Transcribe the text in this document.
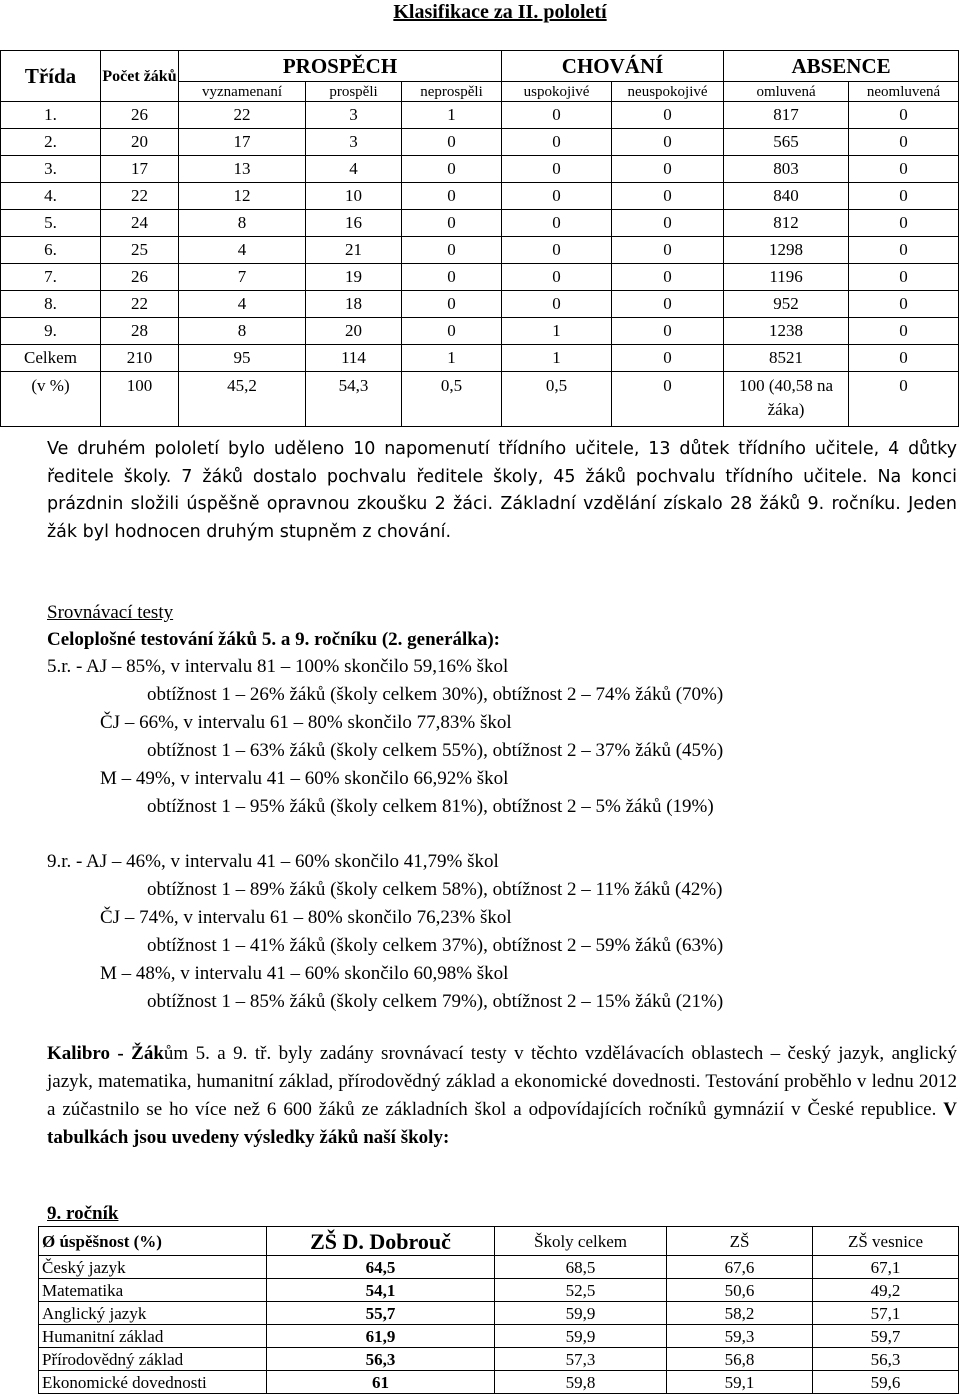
Klasifikace za II. pololetí
Třída	Počet žáků	PROSPĚCH			CHOVÁNÍ		ABSENCE	
		vyznamenaní	prospěli	neprospěli	uspokojivé	neuspokojivé	omluvená	neomluvená
1.	26	22	3	1	0	0	817	0
2.	20	17	3	0	0	0	565	0
3.	17	13	4	0	0	0	803	0
4.	22	12	10	0	0	0	840	0
5.	24	8	16	0	0	0	812	0
6.	25	4	21	0	0	0	1298	0
7.	26	7	19	0	0	0	1196	0
8.	22	4	18	0	0	0	952	0
9.	28	8	20	0	1	0	1238	0
Celkem	210	95	114	1	1	0	8521	0
(v %)	100	45,2	54,3	0,5	0,5	0	100 (40,58 na žáka)	0
Ve druhém pololetí bylo uděleno 10 napomenutí třídního učitele, 13 důtek třídního učitele, 4 důtky ředitele školy. 7 žáků dostalo pochvalu ředitele školy, 45 žáků pochvalu třídního učitele. Na konci prázdnin složili úspěšně opravnou zkoušku 2 žáci. Základní vzdělání získalo 28 žáků 9. ročníku. Jeden žák byl hodnocen druhým stupněm z chování.
Srovnávací testy
Celoplošné testování žáků 5. a 9. ročníku (2. generálka):
5.r. - AJ – 85%, v intervalu 81 – 100% skončilo 59,16% škol
obtížnost 1 – 26% žáků (školy celkem 30%), obtížnost 2 – 74% žáků (70%)
ČJ – 66%, v intervalu 61 – 80% skončilo 77,83% škol
obtížnost 1 – 63% žáků (školy celkem 55%), obtížnost 2 – 37% žáků (45%)
M – 49%, v intervalu 41 – 60% skončilo 66,92% škol
obtížnost 1 – 95% žáků (školy celkem 81%), obtížnost 2 – 5% žáků (19%)
9.r. - AJ – 46%, v intervalu 41 – 60% skončilo 41,79% škol
obtížnost 1 – 89% žáků (školy celkem 58%), obtížnost 2 – 11% žáků (42%)
ČJ – 74%, v intervalu 61 – 80% skončilo 76,23% škol
obtížnost 1 – 41% žáků (školy celkem 37%), obtížnost 2 – 59% žáků (63%)
M – 48%, v intervalu 41 – 60% skončilo 60,98% škol
obtížnost 1 – 85% žáků (školy celkem 79%), obtížnost 2 – 15% žáků (21%)
Kalibro - Žákům 5. a 9. tř. byly zadány srovnávací testy v těchto vzdělávacích oblastech – český jazyk, anglický jazyk, matematika, humanitní základ, přírodovědný základ a ekonomické dovednosti. Testování proběhlo v lednu 2012 a zúčastnilo se ho více než 6 600 žáků ze základních škol a odpovídajících ročníků gymnázií v České republice. V tabulkách jsou uvedeny výsledky žáků naší školy:
9. ročník
Ø úspěšnost (%)	ZŠ D. Dobrouč	Školy celkem	ZŠ	ZŠ vesnice
Český jazyk	64,5	68,5	67,6	67,1
Matematika	54,1	52,5	50,6	49,2
Anglický jazyk	55,7	59,9	58,2	57,1
Humanitní základ	61,9	59,9	59,3	59,7
Přírodovědný základ	56,3	57,3	56,8	56,3
Ekonomické dovednosti	61	59,8	59,1	59,6
